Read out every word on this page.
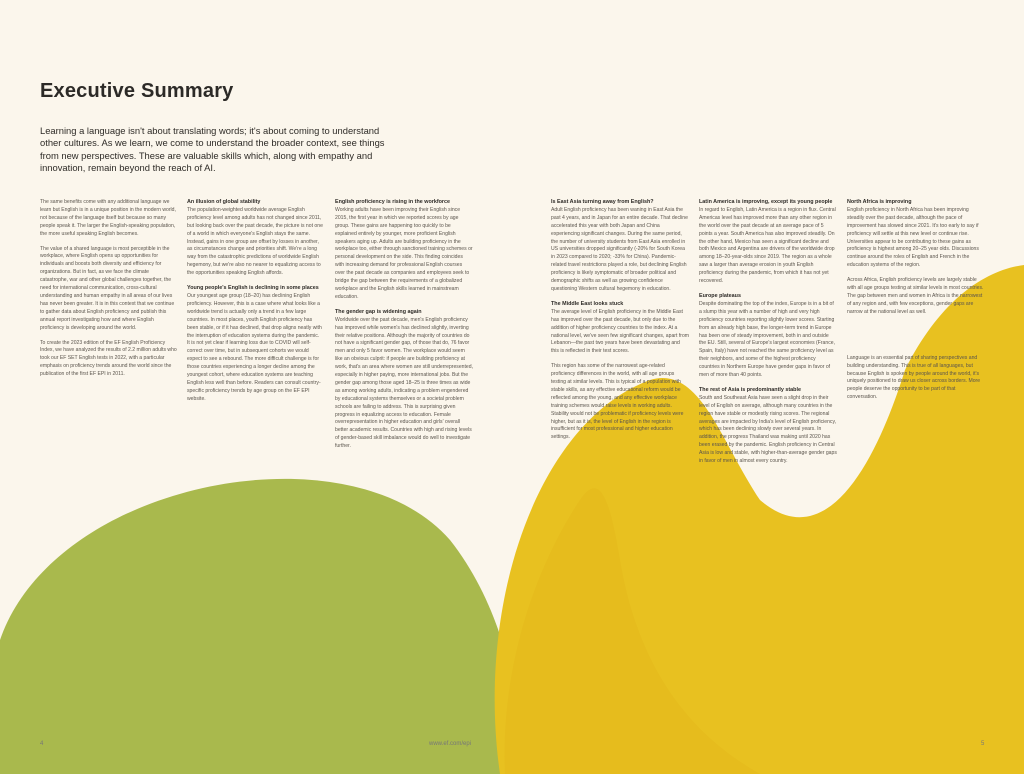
Executive Summary

Learning a language isn't about translating words; it's about coming to understand other cultures. As we learn, we come to understand the broader context, see things from new perspectives. These are valuable skills which, along with empathy and innovation, remain beyond the reach of AI.

The same benefits come with any additional language we learn but English is in a unique position in the modern world, not because of the language itself but because so many people speak it. The larger the English-speaking population, the more useful speaking English becomes.

The value of a shared language is most perceptible in the workplace, where English opens up opportunities for individuals and boosts both diversity and efficiency for organizations. But in fact, as we face the climate catastrophe, war and other global challenges together, the need for international communication, cross-cultural understanding and human empathy in all areas of our lives has never been greater. It is in this context that we continue to gather data about English proficiency and publish this annual report investigating how and where English proficiency is developing around the world.

To create the 2023 edition of the EF English Proficiency Index, we have analyzed the results of 2.2 million adults who took our EF SET English tests in 2022, with a particular emphasis on proficiency trends around the world since the publication of the first EF EPI in 2011.

An illusion of global stability

The population-weighted worldwide average English proficiency level among adults has not changed since 2011, but looking back over the past decade, the picture is not one of a world in which everyone's English stays the same. Instead, gains in one group are offset by losses in another, as circumstances change and priorities shift. We're a long way from the catastrophic predictions of worldwide English hegemony, but we're also no nearer to equalizing access to the opportunities speaking English affords.

Young people's English is declining in some places

Our youngest age group (18–20) has declining English proficiency. However, this is a case where what looks like a worldwide trend is actually only a trend in a few large countries. In most places, youth English proficiency has been stable, or if it has declined, that drop aligns neatly with the interruption of education systems during the pandemic. It is not yet clear if learning loss due to COVID will self-correct over time, but in subsequent cohorts we would expect to see a rebound. The more difficult challenge is for those countries experiencing a longer decline among the youngest cohort, where education systems are teaching English less well than before. Readers can consult country-specific proficiency trends by age group on the EF EPI website.

English proficiency is rising in the workforce

Working adults have been improving their English since 2015, the first year in which we reported scores by age group. These gains are happening too quickly to be explained entirely by younger, more proficient English speakers aging up. Adults are building proficiency in the workplace too, either through sanctioned training schemes or personal development on the side. This finding coincides with increasing demand for professional English courses over the past decade as companies and employees seek to bridge the gap between the requirements of a globalized workplace and the English skills learned in mainstream education.

The gender gap is widening again

Worldwide over the past decade, men's English proficiency has improved while women's has declined slightly, inverting their relative positions. Although the majority of countries do not have a significant gender gap, of those that do, 76 favor men and only 5 favor women. The workplace would seem like an obvious culprit: if people are building proficiency at work, that's an area where women are still underrepresented, especially in higher paying, more international jobs. But the gender gap among those aged 18–25 is three times as wide as among working adults, indicating a problem engendered by educational systems themselves or a societal problem schools are failing to address. This is surprising given progress in equalizing access to education. Female overrepresentation in higher education and girls' overall better academic results. Countries with high and rising levels of gender-based skill imbalance would do well to investigate further.

Is East Asia turning away from English?

Adult English proficiency has been waning in East Asia the past 4 years, and in Japan for an entire decade. That decline accelerated this year with both Japan and China experiencing significant changes. During the same period, the number of university students from East Asia enrolled in US universities dropped significantly (-20% for South Korea in 2023 compared to 2020; -33% for China). Pandemic-related travel restrictions played a role, but declining English proficiency is likely symptomatic of broader political and demographic shifts as well as growing confidence questioning Western cultural hegemony in education.

The Middle East looks stuck

The average level of English proficiency in the Middle East has improved over the past decade, but only due to the addition of higher proficiency countries to the index. At a national level, we've seen few significant changes, apart from Lebanon—the past two years have been devastating and this is reflected in their test scores.

This region has some of the narrowest age-related proficiency differences in the world, with all age groups testing at similar levels. This is typical of a population with stable skills, as any effective educational reform would be reflected among the young, and any effective workplace training schemes would raise levels in working adults. Stability would not be problematic if proficiency levels were higher, but as it is, the level of English in the region is insufficient for most professional and higher education settings.

Latin America is improving, except its young people

In regard to English, Latin America is a region in flux. Central Americas level has improved more than any other region in the world over the past decade at an average pace of 5 points a year. South America has also improved steadily. On the other hand, Mexico has seen a significant decline and both Mexico and Argentina are drivers of the worldwide drop among 18–20-year-olds since 2019. The region as a whole saw a larger than average erosion in youth English proficiency during the pandemic, from which it has not yet recovered.

Europe plateaus

Despite dominating the top of the index, Europe is in a bit of a slump this year with a number of high and very high proficiency countries reporting slightly lower scores. Starting from an already high base, the longer-term trend in Europe has been one of steady improvement, both in and outside the EU. Still, several of Europe's largest economies (France, Spain, Italy) have not reached the same proficiency level as their neighbors, and some of the highest proficiency countries in Northern Europe have gender gaps in favor of men of more than 40 points.

The rest of Asia is predominantly stable

South and Southeast Asia have seen a slight drop in their level of English on average, although many countries in the region have stable or modestly rising scores. The regional averages are impacted by India's level of English proficiency, which has been declining slowly over several years. In addition, the progress Thailand was making until 2020 has been erased by the pandemic. English proficiency in Central Asia is low and stable, with higher-than-average gender gaps in favor of men in almost every country.

North Africa is improving

English proficiency in North Africa has been improving steadily over the past decade, although the pace of improvement has slowed since 2021. It's too early to say if proficiency will settle at this new level or continue rise. Universities appear to be contributing to these gains as proficiency is highest among 20–25 year olds. Discussions continue around the roles of English and French in the education systems of the region.

Across Africa, English proficiency levels are largely stable with all age groups testing at similar levels in most countries. The gap between men and women in Africa is the narrowest of any region and, with few exceptions, gender gaps are narrow at the national level as well.

Language is an essential part of sharing perspectives and building understanding. This is true of all languages, but because English is spoken by people around the world, it's uniquely positioned to draw us closer across borders. More people deserve the opportunity to be part of that conversation.

4	www.ef.com/epi	5
